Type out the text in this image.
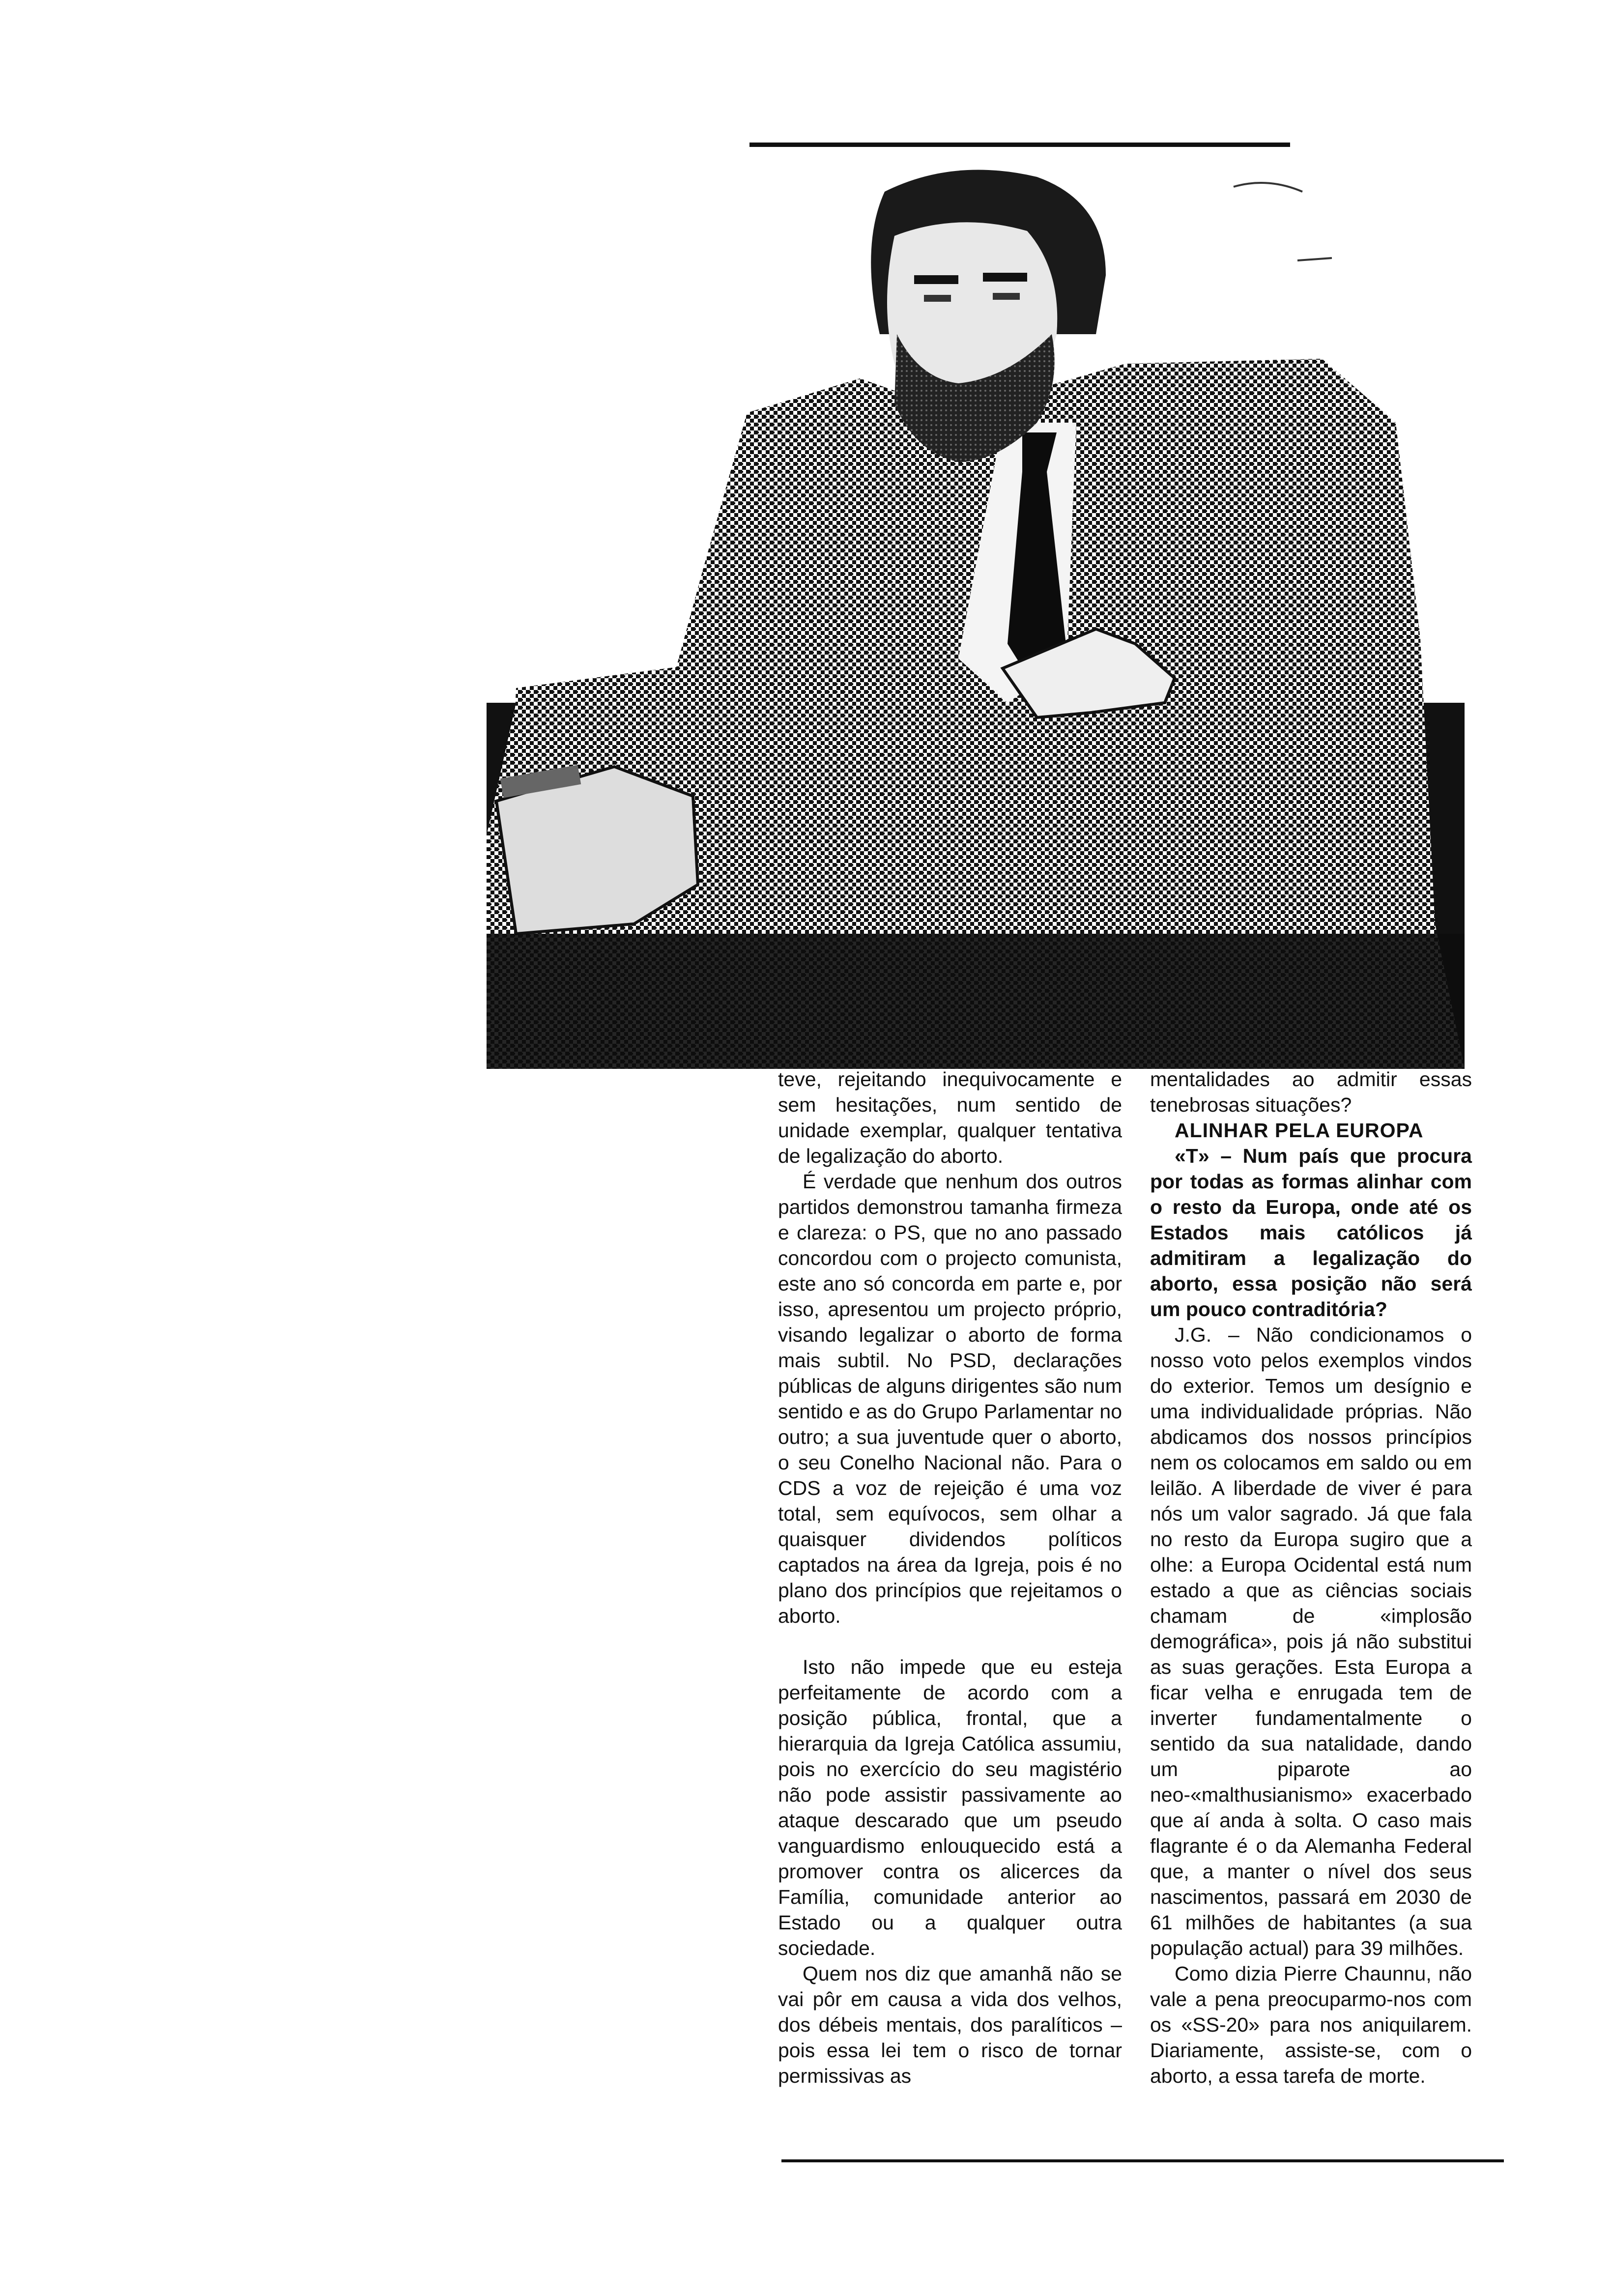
teve, rejeitando inequivocamente e sem hesitações, num sentido de unidade exemplar, qualquer tentativa de legalização do aborto.

É verdade que nenhum dos outros partidos demonstrou tamanha firmeza e clareza: o PS, que no ano passado concordou com o projecto comunista, este ano só concorda em parte e, por isso, apresentou um projecto próprio, visando legalizar o aborto de forma mais subtil. No PSD, declarações públicas de alguns dirigentes são num sentido e as do Grupo Parlamentar no outro; a sua juventude quer o aborto, o seu Conelho Nacional não. Para o CDS a voz de rejeição é uma voz total, sem equívocos, sem olhar a quaisquer dividendos políticos captados na área da Igreja, pois é no plano dos princípios que rejeitamos o aborto.

Isto não impede que eu esteja perfeitamente de acordo com a posição pública, frontal, que a hierarquia da Igreja Católica assumiu, pois no exercício do seu magistério não pode assistir passivamente ao ataque descarado que um pseudo vanguardismo enlouquecido está a promover contra os alicerces da Família, comunidade anterior ao Estado ou a qualquer outra sociedade.

Quem nos diz que amanhã não se vai pôr em causa a vida dos velhos, dos débeis mentais, dos paralíticos – pois essa lei tem o risco de tornar permissivas as

mentalidades ao admitir essas tenebrosas situações?

ALINHAR PELA EUROPA

«T» – Num país que procura por todas as formas alinhar com o resto da Europa, onde até os Estados mais católicos já admitiram a legalização do aborto, essa posição não será um pouco contraditória?

J.G. – Não condicionamos o nosso voto pelos exemplos vindos do exterior. Temos um desígnio e uma individualidade próprias. Não abdicamos dos nossos princípios nem os colocamos em saldo ou em leilão. A liberdade de viver é para nós um valor sagrado. Já que fala no resto da Europa sugiro que a olhe: a Europa Ocidental está num estado a que as ciências sociais chamam de «implosão demográfica», pois já não substitui as suas gerações. Esta Europa a ficar velha e enrugada tem de inverter fundamentalmente o sentido da sua natalidade, dando um piparote ao neo-«malthusianismo» exacerbado que aí anda à solta. O caso mais flagrante é o da Alemanha Federal que, a manter o nível dos seus nascimentos, passará em 2030 de 61 milhões de habitantes (a sua população actual) para 39 milhões.

Como dizia Pierre Chaunnu, não vale a pena preocuparmo-nos com os «SS-20» para nos aniquilarem. Diariamente, assiste-se, com o aborto, a essa tarefa de morte.
